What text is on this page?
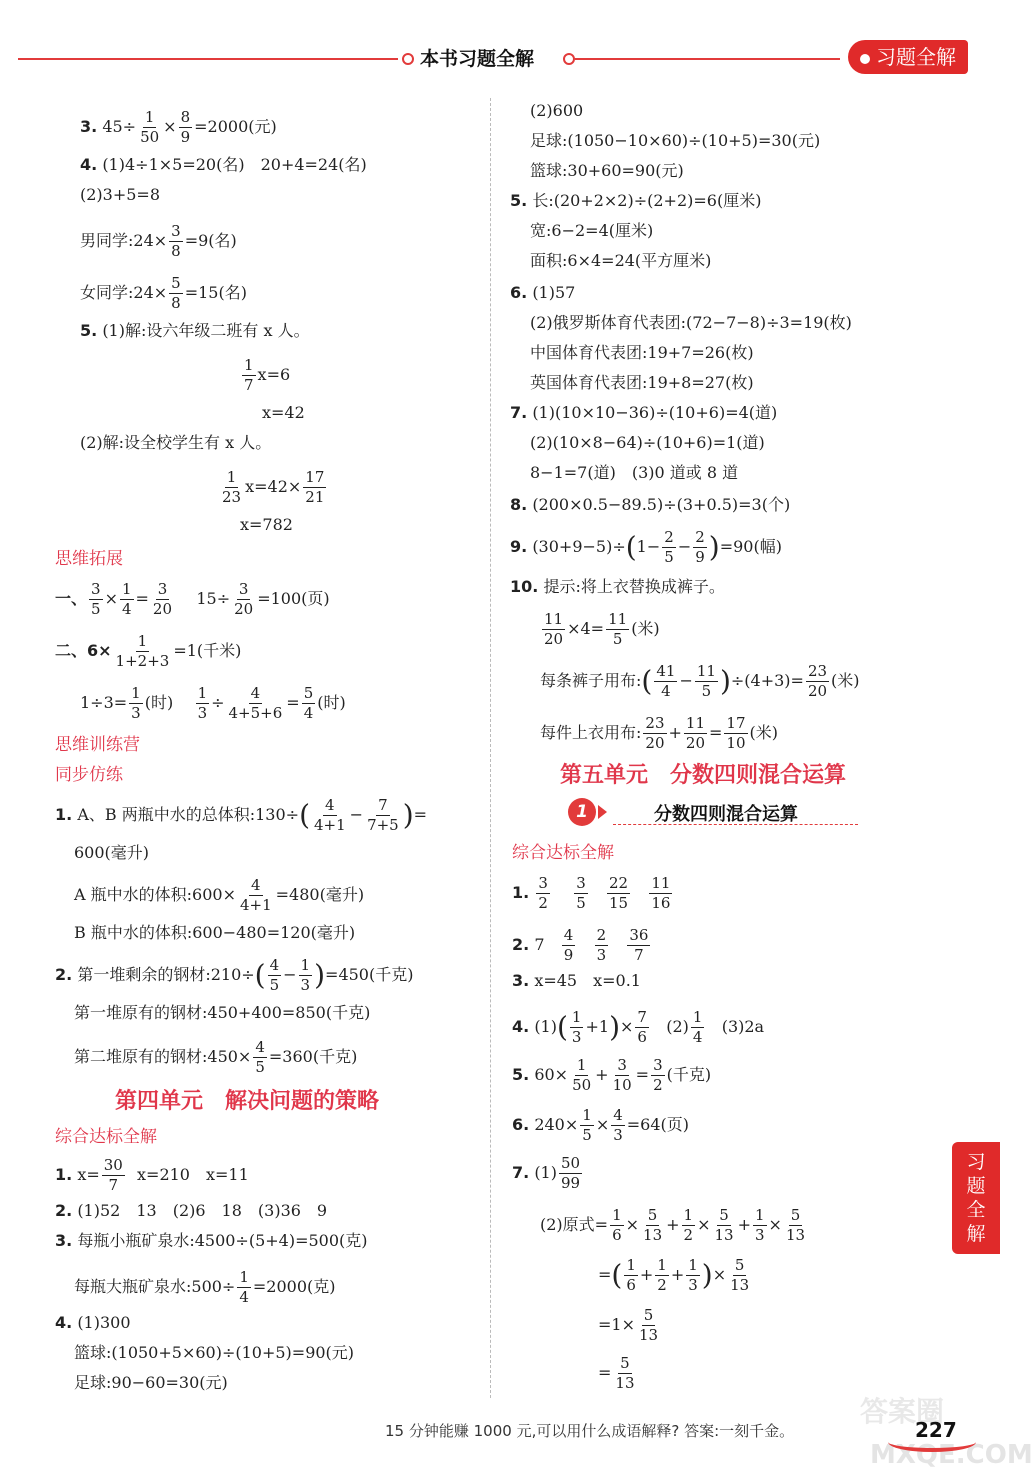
本书习题全解	习题全解
3. $45\div \frac{1}{50} \times \frac{8}{9} =2000$(元)
4. (1)4÷1×5=20(名)　20+4=24(名)
(2)3+5=8
男同学:24× $\frac{3}{8} =9$(名)
女同学:24× $\frac{5}{8} =15$(名)
5. (1)解:设六年级二班有 x 人。
$\frac{1}{7} x=6$
x=42
(2)解:设全校学生有 x 人。
$\frac{1}{23} x=42\times \frac{17}{21}$
x=782
思维拓展
一、 $\frac{3}{5} \times \frac{1}{4} = \frac{3}{20} 15\div \frac{3}{20} =100$(页)
二、$6\times \frac{1}{1+2+3} =1$(千米)
$1\div 3= \frac{1}{3}$ (时) $\frac{1}{3} \div \frac{4}{4+5+6} = \frac{5}{4}$ (时)
思维训练营
同步仿练
1. A、B 两瓶中水的总体积:130÷( $\frac{4}{4+1} - \frac{7}{7+5}$ )=
600(毫升)
A 瓶中水的体积:600× $\frac{4}{4+1} =480$(毫升)
B 瓶中水的体积:600−480=120(毫升)
2. 第一堆剩余的钢材:210÷( $\frac{4}{5} - \frac{1}{3} )=450$(千克)
第一堆原有的钢材:450+400=850(千克)
第二堆原有的钢材:450× $\frac{4}{5} =360$(千克)
第四单元　解决问题的策略
综合达标全解
1. $x= \frac{30}{7} x=210$　x=11
2. (1)52　13　(2)6　18　(3)36　9
3. 每瓶小瓶矿泉水:4500÷(5+4)=500(克)
每瓶大瓶矿泉水:500÷ $\frac{1}{4} =2000$(克)
4. (1)300
篮球:(1050+5×60)÷(10+5)=90(元)
足球:90−60=30(元)
(2)600
足球:(1050−10×60)÷(10+5)=30(元)
篮球:30+60=90(元)
5. 长:(20+2×2)÷(2+2)=6(厘米)
宽:6−2=4(厘米)
面积:6×4=24(平方厘米)
6. (1)57
(2)俄罗斯体育代表团:(72−7−8)÷3=19(枚)
中国体育代表团:19+7=26(枚)
英国体育代表团:19+8=27(枚)
7. (1)(10×10−36)÷(10+6)=4(道)
(2)(10×8−64)÷(10+6)=1(道)
8−1=7(道)　(3)0 道或 8 道
8. (200×0.5−89.5)÷(3+0.5)=3(个)
9. $(30+9-5)\div(1- \frac{2}{5} - \frac{2}{9} )=90$(幅)
10. 提示:将上衣替换成裤子。
$\frac{11}{20} \times 4= \frac{11}{5}$ (米)
每条裤子用布:( $\frac{41}{4} - \frac{11}{5} )\div(4+3)= \frac{23}{20}$ (米)
每件上衣用布: $\frac{23}{20} + \frac{11}{20} = \frac{17}{10}$ (米)
第五单元　分数四则混合运算
1	分数四则混合运算
综合达标全解
1. $\frac{3}{2}$
$\frac{3}{5}$
$\frac{22}{15}$
$\frac{11}{16}$
2. $7 \frac{4}{9}$
$\frac{2}{3}$
$\frac{36}{7}$
3. x=45　x=0.1
4. $(1)( \frac{1}{3} +1)\times \frac{7}{6} (2) \frac{1}{4} (3)2a$
5. $60\times \frac{1}{50} + \frac{3}{10} = \frac{3}{2}$ (千克)
6. $240\times \frac{1}{5} \times \frac{4}{3} =64$(页)
7. $(1) \frac{50}{99}$
(2)原式= $\frac{1}{6} \times \frac{5}{13} + \frac{1}{2} \times \frac{5}{13} + \frac{1}{3} \times \frac{5}{13}$
=( $\frac{1}{6} + \frac{1}{2} + \frac{1}{3}$ )× $\frac{5}{13}$
$=1\times \frac{5}{13}$
= $\frac{5}{13}$
习题全解
答案圈
MXQE.COM
15 分钟能赚 1000 元,可以用什么成语解释? 答案:一刻千金。	227
